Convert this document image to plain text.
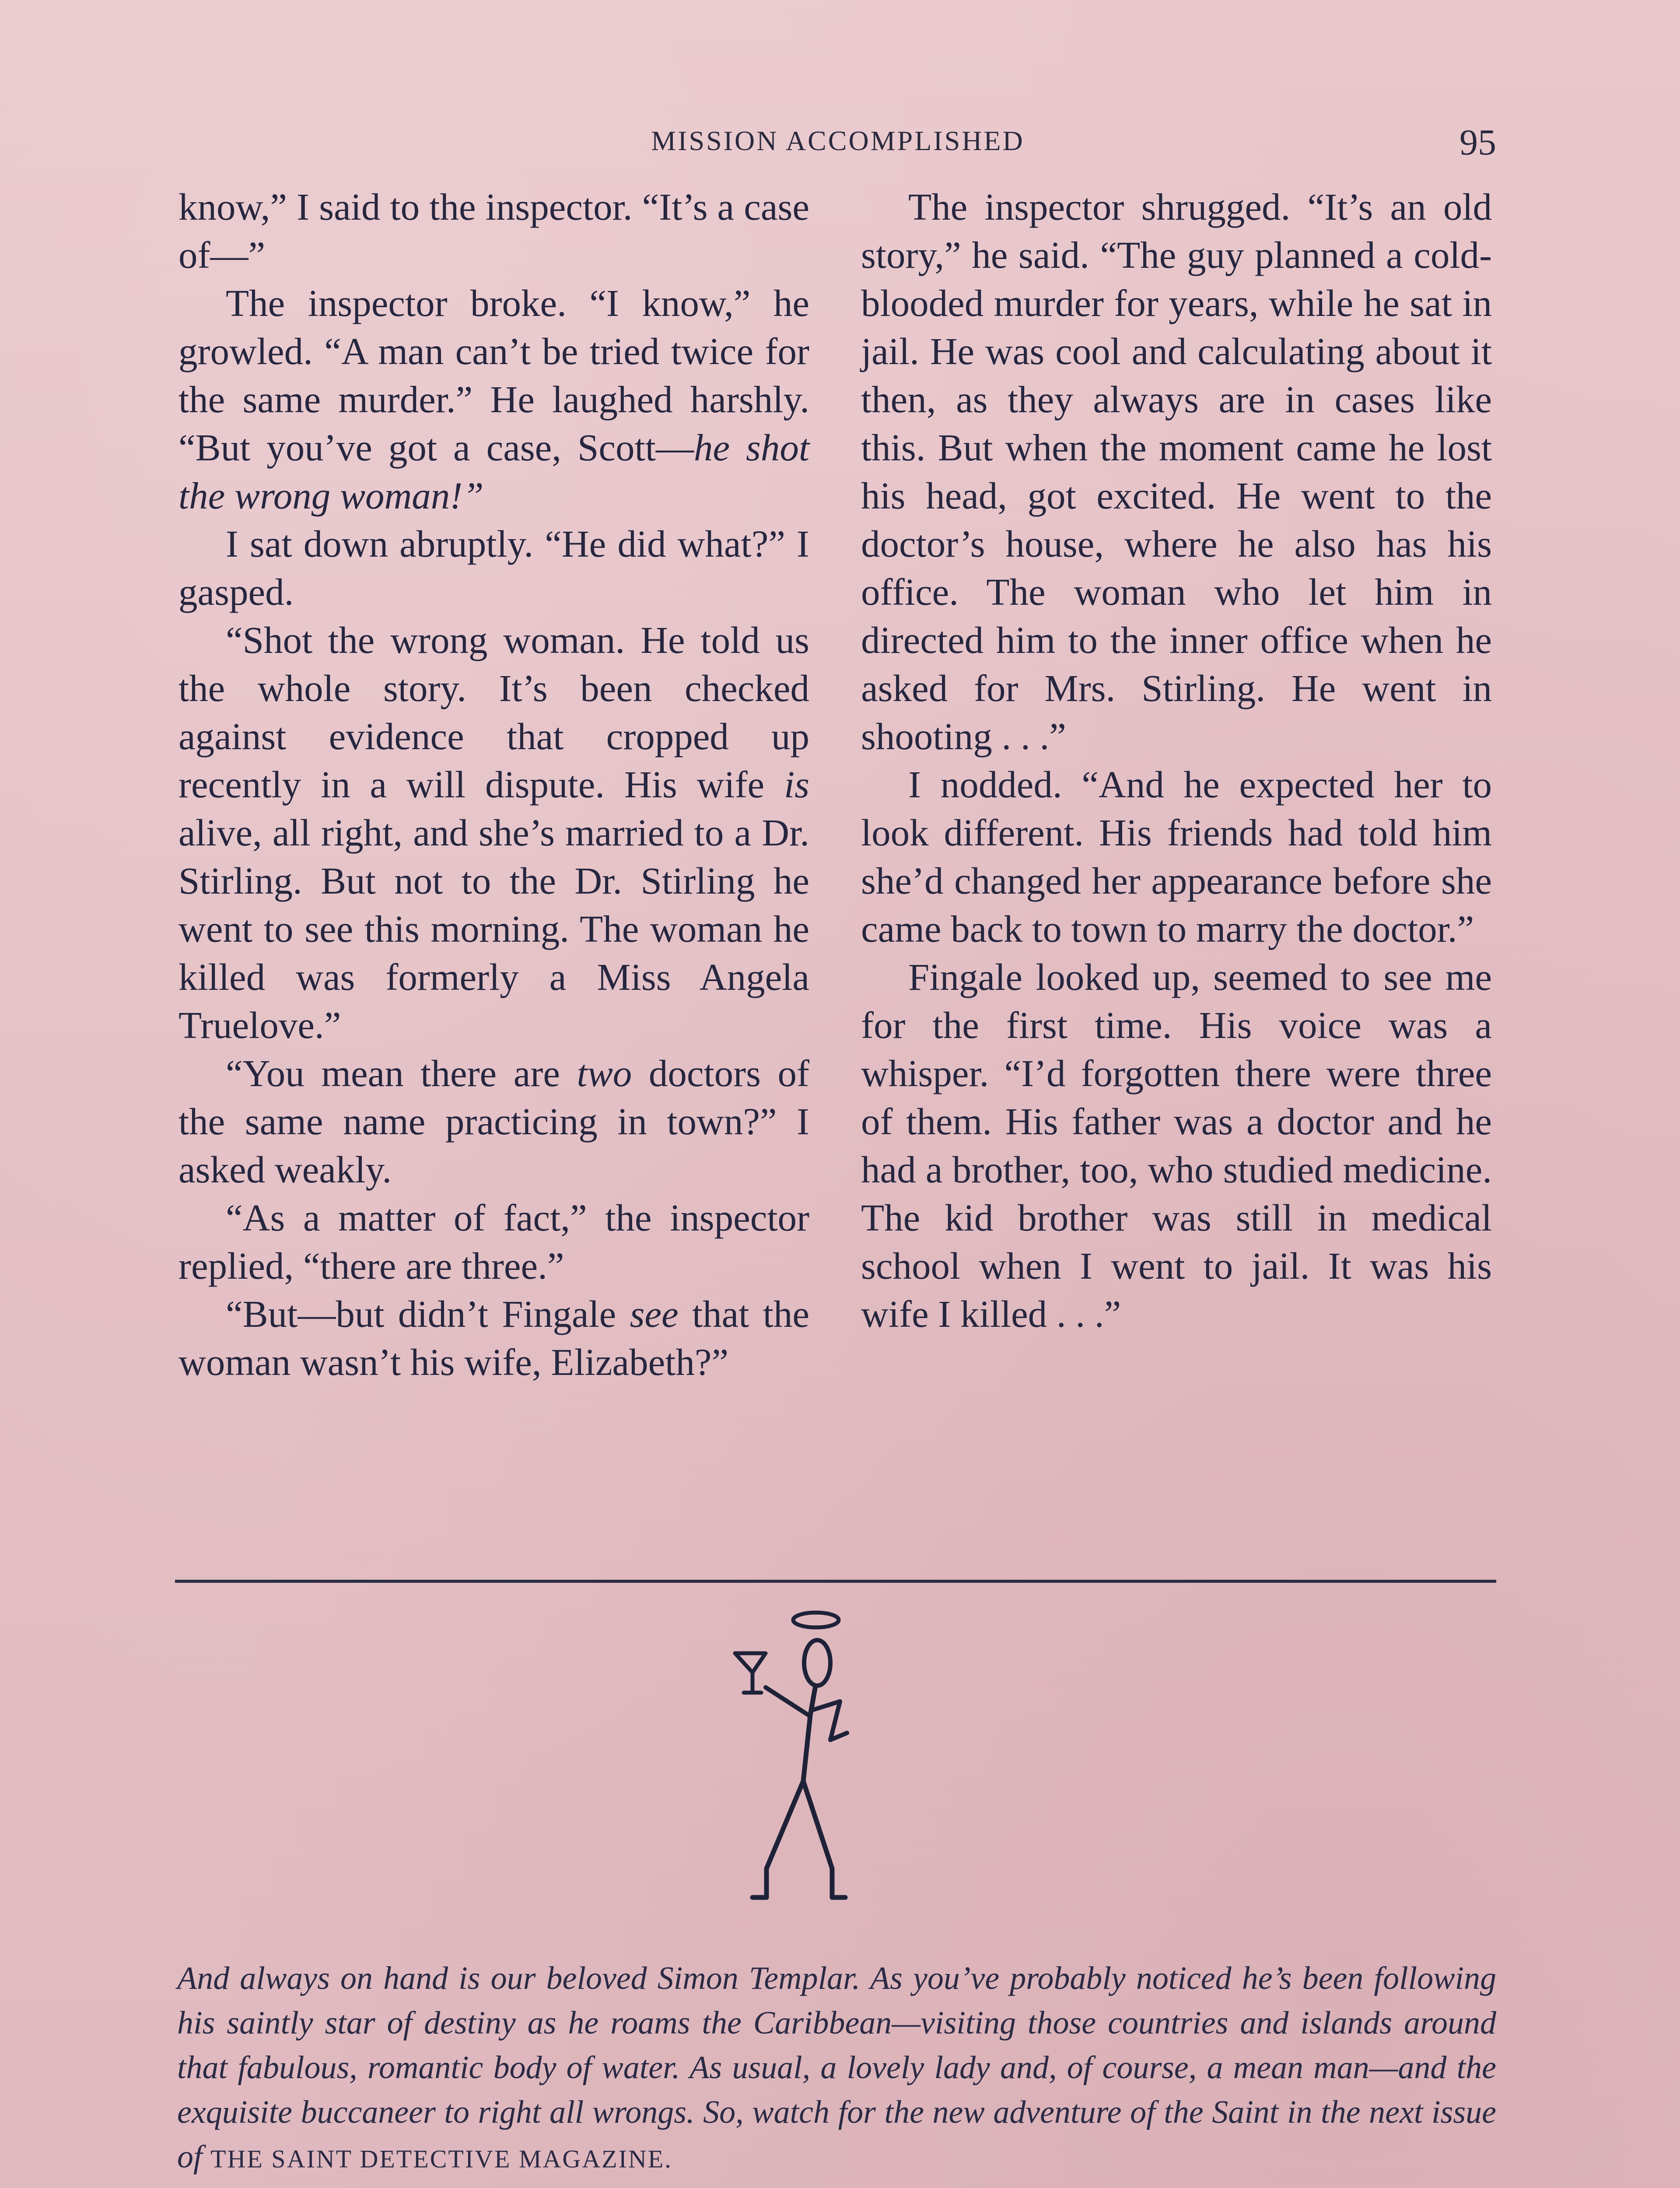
MISSION ACCOMPLISHED	95

know,” I said to the inspector. “It’s a case of—”

The inspector broke. “I know,” he growled. “A man can’t be tried twice for the same murder.” He laughed harshly. “But you’ve got a case, Scott—he shot the wrong woman!”

I sat down abruptly. “He did what?” I gasped.

“Shot the wrong woman. He told us the whole story. It’s been checked against evidence that cropped up recently in a will dispute. His wife is alive, all right, and she’s married to a Dr. Stirling. But not to the Dr. Stirling he went to see this morning. The woman he killed was formerly a Miss Angela Truelove.”

“You mean there are two doctors of the same name practicing in town?” I asked weakly.

“As a matter of fact,” the inspector replied, “there are three.”

“But—but didn’t Fingale see that the woman wasn’t his wife, Elizabeth?”

The inspector shrugged. “It’s an old story,” he said. “The guy planned a cold-blooded murder for years, while he sat in jail. He was cool and calculating about it then, as they always are in cases like this. But when the moment came he lost his head, got excited. He went to the doctor’s house, where he also has his office. The woman who let him in directed him to the inner office when he asked for Mrs. Stirling. He went in shooting . . .”

I nodded. “And he expected her to look different. His friends had told him she’d changed her appearance before she came back to town to marry the doctor.”

Fingale looked up, seemed to see me for the first time. His voice was a whisper. “I’d forgotten there were three of them. His father was a doctor and he had a brother, too, who studied medicine. The kid brother was still in medical school when I went to jail. It was his wife I killed . . .”

And always on hand is our beloved Simon Templar. As you’ve probably noticed he’s been following his saintly star of destiny as he roams the Caribbean—visiting those countries and islands around that fabulous, romantic body of water. As usual, a lovely lady and, of course, a mean man—and the exquisite buccaneer to right all wrongs. So, watch for the new adventure of the Saint in the next issue of THE SAINT DETECTIVE MAGAZINE.
